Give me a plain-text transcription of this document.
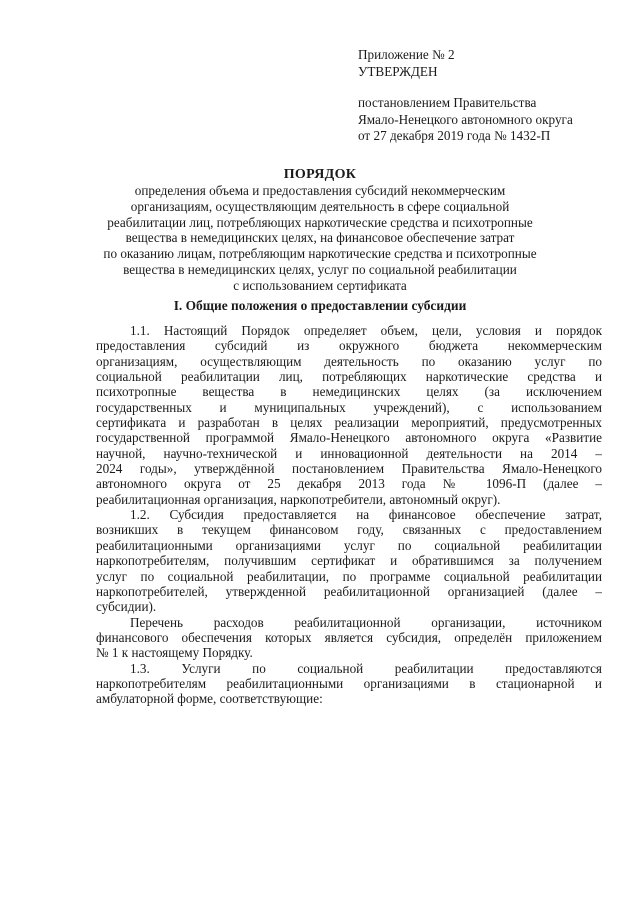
Приложение № 2
УТВЕРЖДЕН
постановлением Правительства
Ямало-Ненецкого автономного округа
от 27 декабря 2019 года № 1432-П
ПОРЯДОК
определения объема и предоставления субсидий некоммерческим
организациям, осуществляющим деятельность в сфере социальной
реабилитации лиц, потребляющих наркотические средства и психотропные
вещества в немедицинских целях, на финансовое обеспечение затрат
по оказанию лицам, потребляющим наркотические средства и психотропные
вещества в немедицинских целях, услуг по социальной реабилитации
с использованием сертификата
I. Общие положения о предоставлении субсидии
1.1. Настоящий Порядок определяет объем, цели, условия и порядок
предоставления субсидий из окружного бюджета некоммерческим
организациям, осуществляющим деятельность по оказанию услуг по
социальной реабилитации лиц, потребляющих наркотические средства и
психотропные вещества в немедицинских целях (за исключением
государственных и муниципальных учреждений), с использованием
сертификата и разработан в целях реализации мероприятий, предусмотренных
государственной программой Ямало-Ненецкого автономного округа «Развитие
научной, научно-технической и инновационной деятельности на 2014 –
2024 годы», утверждённой постановлением Правительства Ямало-Ненецкого
автономного округа от 25 декабря 2013 года № 1096-П (далее –
реабилитационная организация, наркопотребители, автономный округ).
1.2. Субсидия предоставляется на финансовое обеспечение затрат,
возникших в текущем финансовом году, связанных с предоставлением
реабилитационными организациями услуг по социальной реабилитации
наркопотребителям, получившим сертификат и обратившимся за получением
услуг по социальной реабилитации, по программе социальной реабилитации
наркопотребителей, утвержденной реабилитационной организацией (далее –
субсидии).
Перечень расходов реабилитационной организации, источником
финансового обеспечения которых является субсидия, определён приложением
№ 1 к настоящему Порядку.
1.3. Услуги по социальной реабилитации предоставляются
наркопотребителям реабилитационными организациями в стационарной и
амбулаторной форме, соответствующие:
